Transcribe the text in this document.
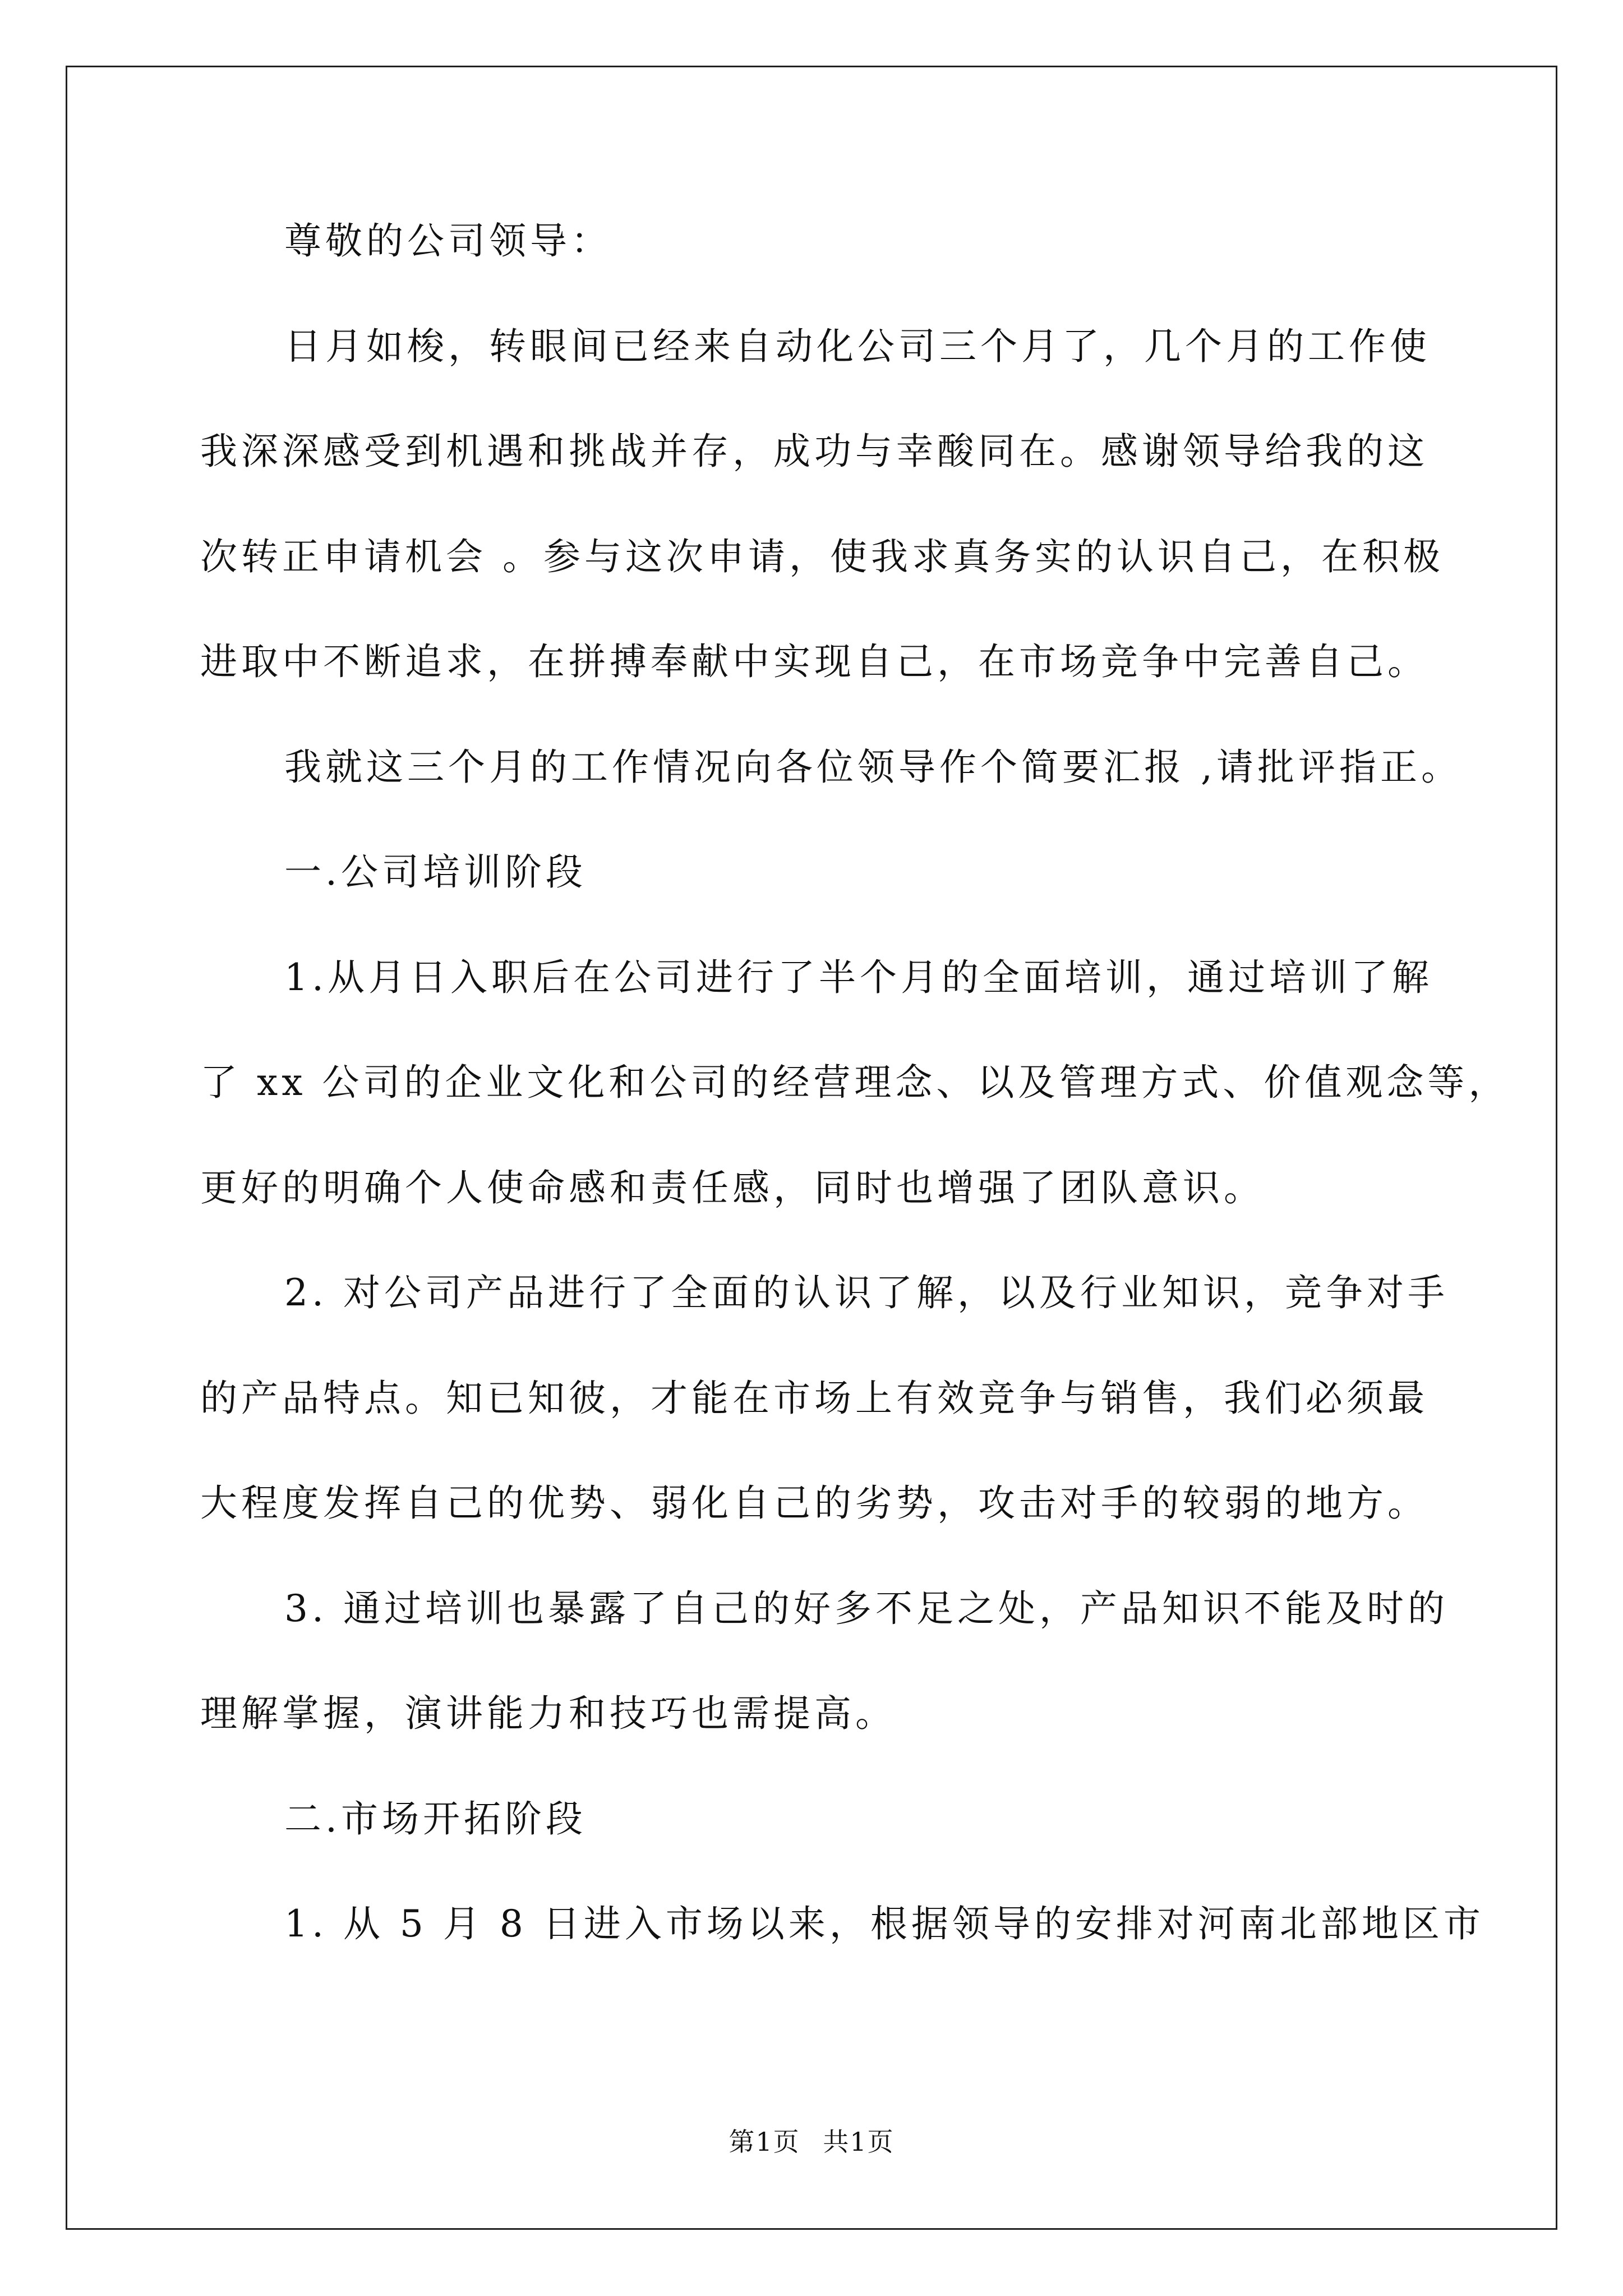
尊敬的公司领导：
日月如梭，转眼间已经来自动化公司三个月了，几个月的工作使
我深深感受到机遇和挑战并存，成功与幸酸同在。感谢领导给我的这
次转正申请机会 。参与这次申请，使我求真务实的认识自己，在积极
进取中不断追求，在拼搏奉献中实现自己，在市场竞争中完善自己。
我就这三个月的工作情况向各位领导作个简要汇报 ,请批评指正。
一.公司培训阶段
1.从月日入职后在公司进行了半个月的全面培训，通过培训了解
了 xx 公司的企业文化和公司的经营理念、以及管理方式、价值观念等，
更好的明确个人使命感和责任感，同时也增强了团队意识。
2. 对公司产品进行了全面的认识了解，以及行业知识，竞争对手
的产品特点。知已知彼，才能在市场上有效竞争与销售，我们必须最
大程度发挥自己的优势、弱化自己的劣势，攻击对手的较弱的地方。
3. 通过培训也暴露了自己的好多不足之处，产品知识不能及时的
理解掌握，演讲能力和技巧也需提高。
二.市场开拓阶段
1. 从 5 月 8 日进入市场以来，根据领导的安排对河南北部地区市
第1页 共1页
